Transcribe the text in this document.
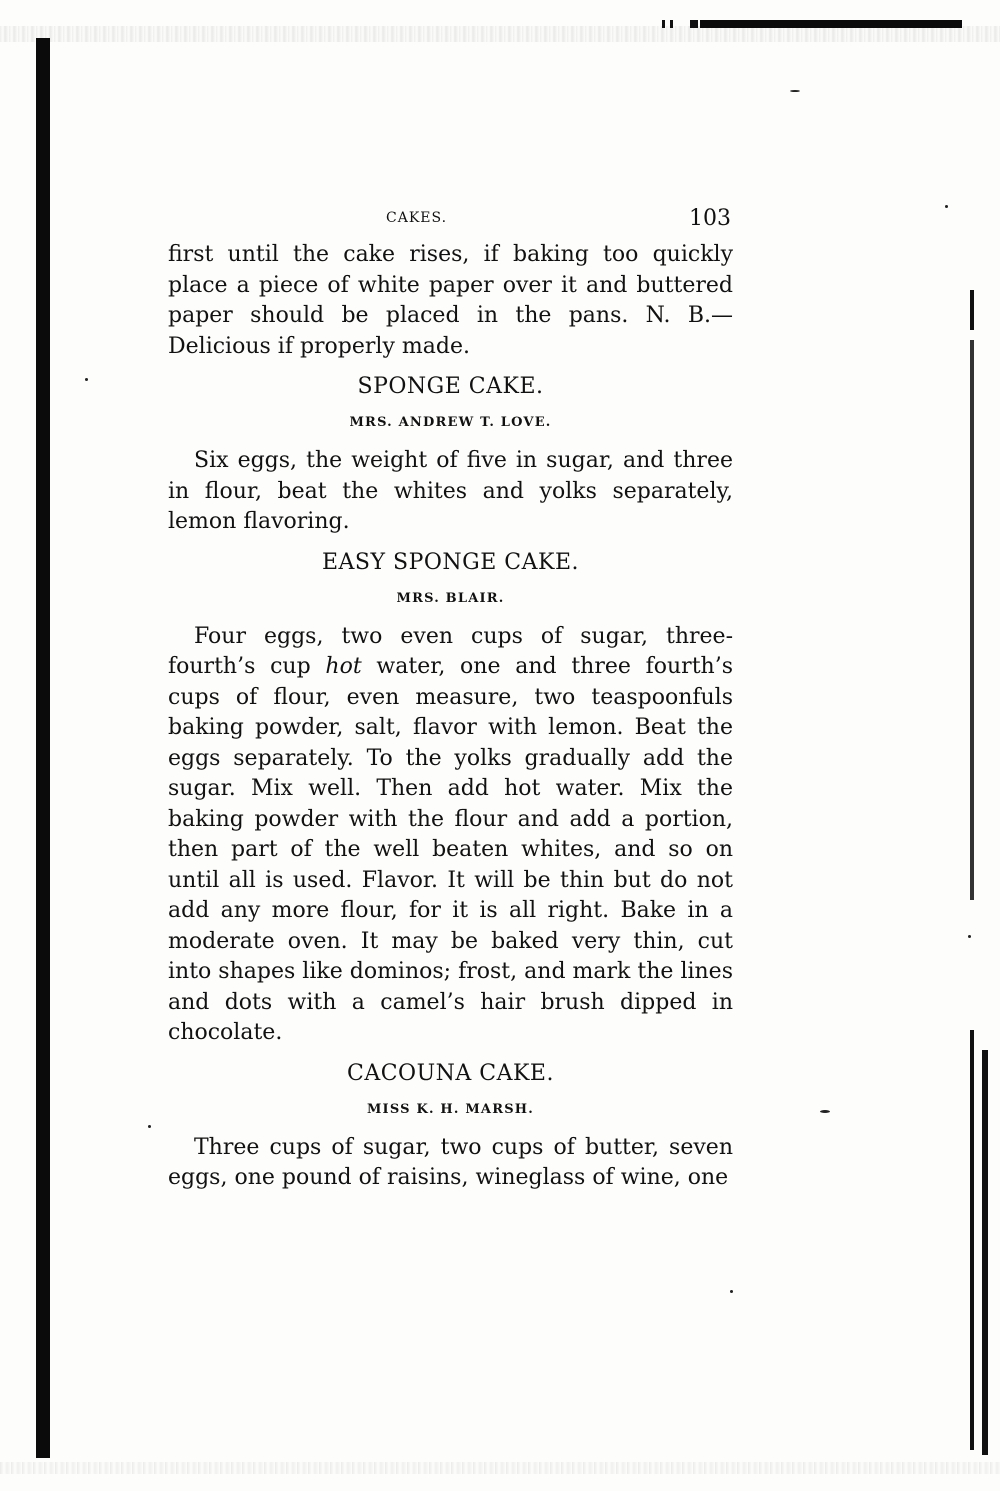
CAKES.	103

first until the cake rises, if baking too quickly place a piece of white paper over it and buttered paper should be placed in the pans. N. B.—Delicious if properly made.

SPONGE CAKE.
MRS. ANDREW T. LOVE.

Six eggs, the weight of five in sugar, and three in flour, beat the whites and yolks separately, lemon flavoring.

EASY SPONGE CAKE.
MRS. BLAIR.

Four eggs, two even cups of sugar, three-fourth’s cup hot water, one and three fourth’s cups of flour, even measure, two teaspoonfuls baking powder, salt, flavor with lemon. Beat the eggs separately. To the yolks gradually add the sugar. Mix well. Then add hot water. Mix the baking powder with the flour and add a portion, then part of the well beaten whites, and so on until all is used. Flavor. It will be thin but do not add any more flour, for it is all right. Bake in a moderate oven. It may be baked very thin, cut into shapes like dominos; frost, and mark the lines and dots with a camel’s hair brush dipped in chocolate.

CACOUNA CAKE.
MISS K. H. MARSH.

Three cups of sugar, two cups of butter, seven eggs, one pound of raisins, wineglass of wine, one
